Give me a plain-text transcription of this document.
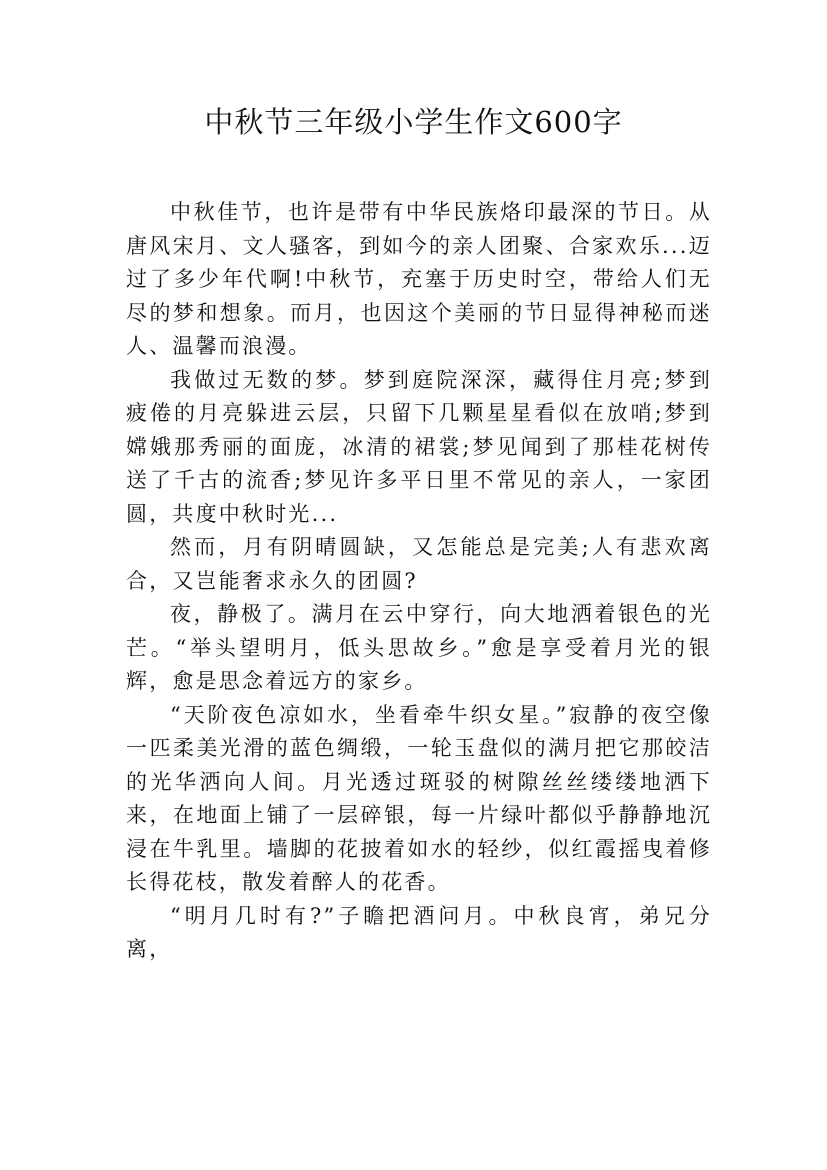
中秋节三年级小学生作文600字

中秋佳节，也许是带有中华民族烙印最深的节日。从唐风宋月、文人骚客，到如今的亲人团聚、合家欢乐...迈过了多少年代啊!中秋节，充塞于历史时空，带给人们无尽的梦和想象。而月，也因这个美丽的节日显得神秘而迷人、温馨而浪漫。

我做过无数的梦。梦到庭院深深，藏得住月亮;梦到疲倦的月亮躲进云层，只留下几颗星星看似在放哨;梦到嫦娥那秀丽的面庞，冰清的裙裳;梦见闻到了那桂花树传送了千古的流香;梦见许多平日里不常见的亲人，一家团圆，共度中秋时光...

然而，月有阴晴圆缺，又怎能总是完美;人有悲欢离合，又岂能奢求永久的团圆?

夜，静极了。满月在云中穿行，向大地洒着银色的光芒。“举头望明月，低头思故乡。”愈是享受着月光的银辉，愈是思念着远方的家乡。

“天阶夜色凉如水，坐看牵牛织女星。”寂静的夜空像一匹柔美光滑的蓝色绸缎，一轮玉盘似的满月把它那皎洁的光华洒向人间。月光透过斑驳的树隙丝丝缕缕地洒下来，在地面上铺了一层碎银，每一片绿叶都似乎静静地沉浸在牛乳里。墙脚的花披着如水的轻纱，似红霞摇曳着修长得花枝，散发着醉人的花香。

“明月几时有?”子瞻把酒问月。中秋良宵，弟兄分离，
